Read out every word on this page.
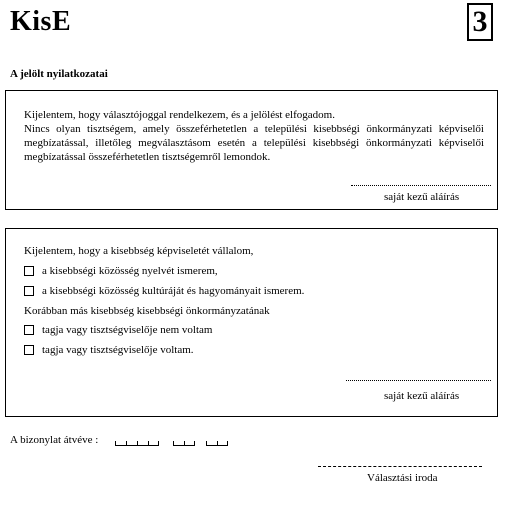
KisE	3
A jelölt nyilatkozatai
Kijelentem, hogy választójoggal rendelkezem, és a jelölést elfogadom.
Nincs olyan tisztségem, amely összeférhetetlen a települési kisebbségi önkormányzati képviselői
megbízatással, illetőleg megválasztásom esetén a települési kisebbségi önkormányzati képviselői
megbízatással összeférhetetlen tisztségemről lemondok.
saját kezű aláírás
Kijelentem, hogy a kisebbség képviseletét vállalom,
a kisebbségi közösség nyelvét ismerem,
a kisebbségi közösség kultúráját és hagyományait ismerem.
Korábban más kisebbség kisebbségi önkormányzatának
tagja vagy tisztségviselője nem voltam
tagja vagy tisztségviselője voltam.
saját kezű aláírás
A bizonylat átvéve :
Választási iroda
